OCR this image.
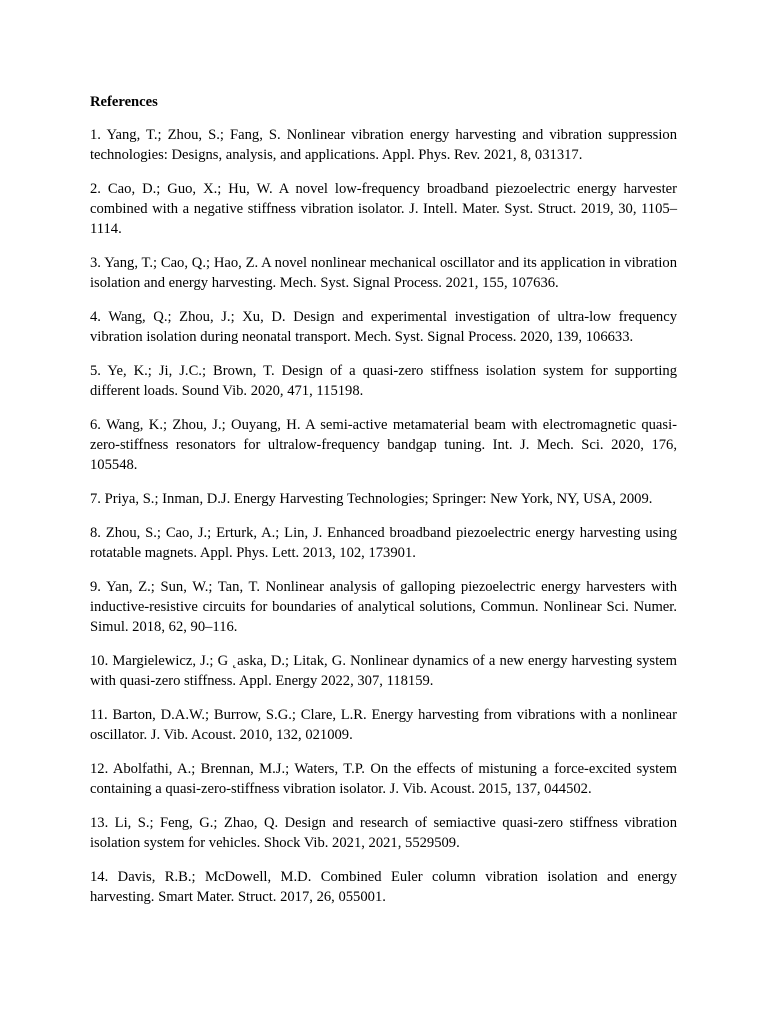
References

1. Yang, T.; Zhou, S.; Fang, S. Nonlinear vibration energy harvesting and vibration suppression technologies: Designs, analysis, and applications. Appl. Phys. Rev. 2021, 8, 031317.

2. Cao, D.; Guo, X.; Hu, W. A novel low-frequency broadband piezoelectric energy harvester combined with a negative stiffness vibration isolator. J. Intell. Mater. Syst. Struct. 2019, 30, 1105–1114.

3. Yang, T.; Cao, Q.; Hao, Z. A novel nonlinear mechanical oscillator and its application in vibration isolation and energy harvesting. Mech. Syst. Signal Process. 2021, 155, 107636.

4. Wang, Q.; Zhou, J.; Xu, D. Design and experimental investigation of ultra-low frequency vibration isolation during neonatal transport. Mech. Syst. Signal Process. 2020, 139, 106633.

5. Ye, K.; Ji, J.C.; Brown, T. Design of a quasi-zero stiffness isolation system for supporting different loads. Sound Vib. 2020, 471, 115198.

6. Wang, K.; Zhou, J.; Ouyang, H. A semi-active metamaterial beam with electromagnetic quasi-zero-stiffness resonators for ultralow-frequency bandgap tuning. Int. J. Mech. Sci. 2020, 176, 105548.

7. Priya, S.; Inman, D.J. Energy Harvesting Technologies; Springer: New York, NY, USA, 2009.

8. Zhou, S.; Cao, J.; Erturk, A.; Lin, J. Enhanced broadband piezoelectric energy harvesting using rotatable magnets. Appl. Phys. Lett. 2013, 102, 173901.

9. Yan, Z.; Sun, W.; Tan, T. Nonlinear analysis of galloping piezoelectric energy harvesters with inductive-resistive circuits for boundaries of analytical solutions, Commun. Nonlinear Sci. Numer. Simul. 2018, 62, 90–116.

10. Margielewicz, J.; G ˛aska, D.; Litak, G. Nonlinear dynamics of a new energy harvesting system with quasi-zero stiffness. Appl. Energy 2022, 307, 118159.

11. Barton, D.A.W.; Burrow, S.G.; Clare, L.R. Energy harvesting from vibrations with a nonlinear oscillator. J. Vib. Acoust. 2010, 132, 021009.

12. Abolfathi, A.; Brennan, M.J.; Waters, T.P. On the effects of mistuning a force-excited system containing a quasi-zero-stiffness vibration isolator. J. Vib. Acoust. 2015, 137, 044502.

13. Li, S.; Feng, G.; Zhao, Q. Design and research of semiactive quasi-zero stiffness vibration isolation system for vehicles. Shock Vib. 2021, 2021, 5529509.

14. Davis, R.B.; McDowell, M.D. Combined Euler column vibration isolation and energy harvesting. Smart Mater. Struct. 2017, 26, 055001.
